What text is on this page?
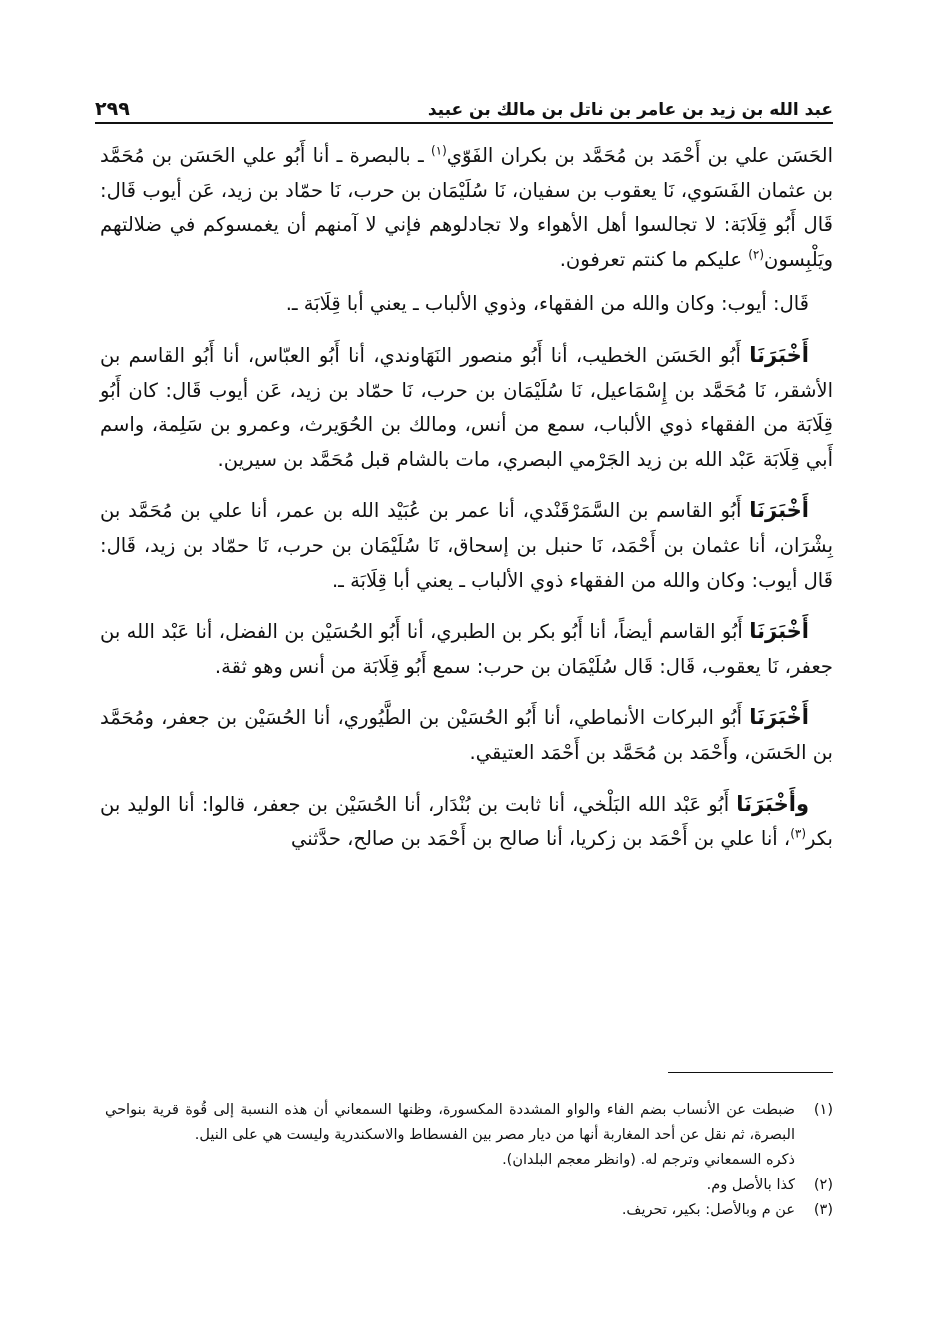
عبد الله بن زيد بن عامر بن ناتل بن مالك بن عبيد
٢٩٩

الحَسَن علي بن أَحْمَد بن مُحَمَّد بن بكران الفَوّي$^{(١)}$ ـ بالبصرة ـ أنا أَبُو علي الحَسَن بن مُحَمَّد بن عثمان الفَسَوي، نَا يعقوب بن سفيان، نَا سُلَيْمَان بن حرب، نَا حمّاد بن زيد، عَن أيوب قَال: قَال أَبُو قِلَابَة: لا تجالسوا أهل الأهواء ولا تجادلوهم فإني لا آمنهم أن يغمسوكم في ضلالتهم ويَلْبِسون$^{(٢)}$ عليكم ما كنتم تعرفون.

قَال: أيوب: وكان والله من الفقهاء، وذوي الألباب ـ يعني أبا قِلَابَة ـ.

أَخْبَرَنَا أَبُو الحَسَن الخطيب، أنا أَبُو منصور النَهَاوندي، أنا أَبُو العبّاس، أنا أَبُو القاسم بن الأشقر، نَا مُحَمَّد بن إِسْمَاعيل، نَا سُلَيْمَان بن حرب، نَا حمّاد بن زيد، عَن أيوب قَال: كان أَبُو قِلَابَة من الفقهاء ذوي الألباب، سمع من أنس، ومالك بن الحُوَيرث، وعمرو بن سَلِمة، واسم أَبي قِلَابَة عَبْد الله بن زيد الجَرْمي البصري، مات بالشام قبل مُحَمَّد بن سيرين.

أَخْبَرَنَا أَبُو القاسم بن السَّمَرْقَنْدي، أنا عمر بن عُبَيْد الله بن عمر، أنا علي بن مُحَمَّد بن بِشْرَان، أنا عثمان بن أَحْمَد، نَا حنبل بن إسحاق، نَا سُلَيْمَان بن حرب، نَا حمّاد بن زيد، قَال: قَال أيوب: وكان والله من الفقهاء ذوي الألباب ـ يعني أبا قِلَابَة ـ.

أَخْبَرَنَا أَبُو القاسم أيضاً، أنا أَبُو بكر بن الطبري، أنا أَبُو الحُسَيْن بن الفضل، أنا عَبْد الله بن جعفر، نَا يعقوب، قَال: قَال سُلَيْمَان بن حرب: سمع أَبُو قِلَابَة من أنس وهو ثقة.

أَخْبَرَنَا أَبُو البركات الأنماطي، أنا أَبُو الحُسَيْن بن الطَّيُوري، أنا الحُسَيْن بن جعفر، ومُحَمَّد بن الحَسَن، وأَحْمَد بن مُحَمَّد بن أَحْمَد العتيقي.

وأَخْبَرَنَا أَبُو عَبْد الله البَلْخي، أنا ثابت بن بُنْدَار، أنا الحُسَيْن بن جعفر، قالوا: أنا الوليد بن بكر$^{(٣)}$، أنا علي بن أَحْمَد بن زكريا، أنا صالح بن أَحْمَد بن صالح، حدَّثني

(١)
ضبطت عن الأنساب بضم الفاء والواو المشددة المكسورة، وظنها السمعاني أن هذه النسبة إلى قُوة قرية بنواحي البصرة، ثم نقل عن أحد المغاربة أنها من ديار مصر بين الفسطاط والاسكندرية وليست هي على النيل.
ذكره السمعاني وترجم له. (وانظر معجم البلدان).
(٢)
كذا بالأصل وم.
(٣)
عن م وبالأصل: بكير، تحريف.
